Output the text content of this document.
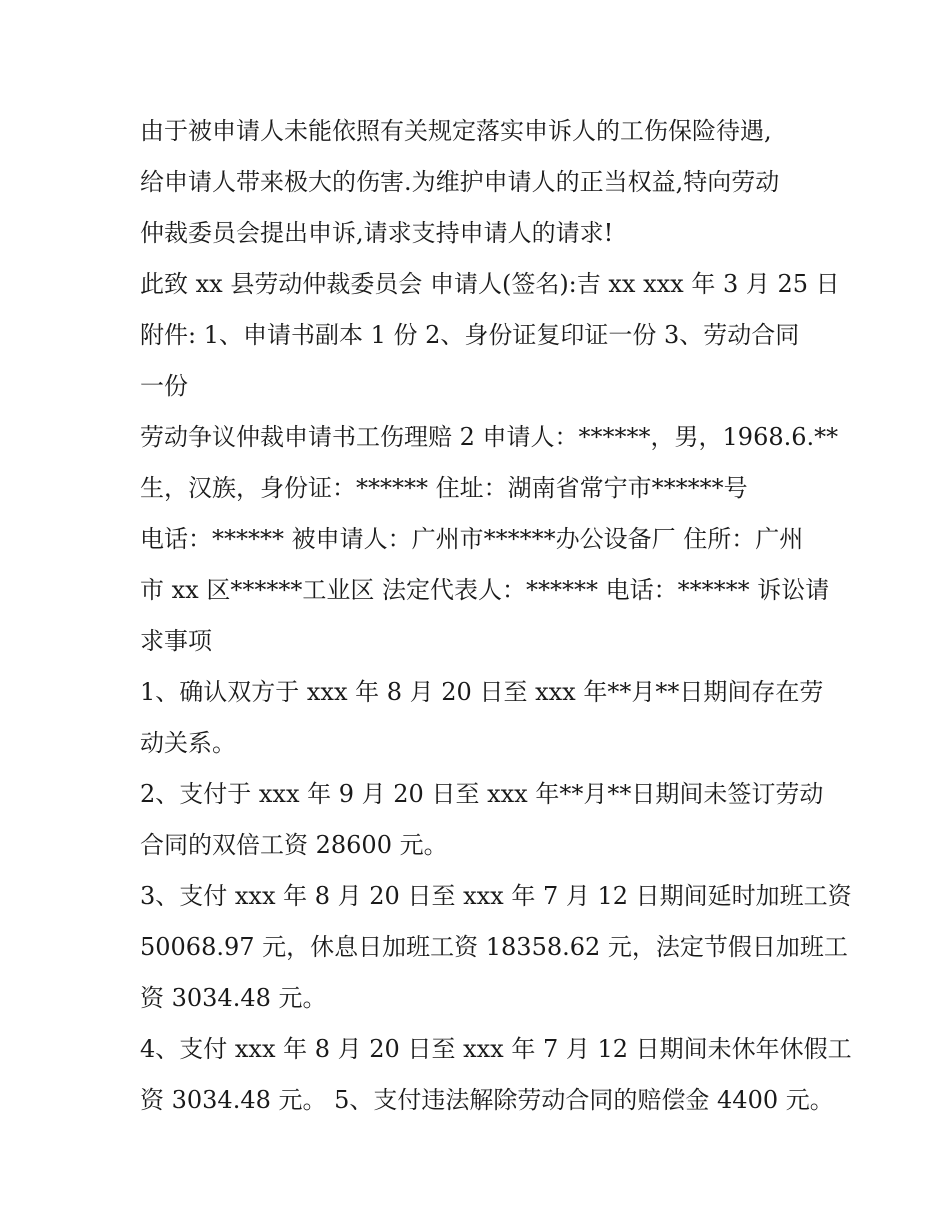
由于被申请人未能依照有关规定落实申诉人的工伤保险待遇,
给申请人带来极大的伤害.为维护申请人的正当权益,特向劳动
仲裁委员会提出申诉,请求支持申请人的请求!
此致 xx 县劳动仲裁委员会 申请人(签名):吉 xx xxx 年 3 月 25 日
附件: 1、申请书副本 1 份 2、身份证复印证一份 3、劳动合同
一份
劳动争议仲裁申请书工伤理赔 2 申请人：******，男，1968.6.**
生，汉族，身份证：****** 住址：湖南省常宁市******号
电话：****** 被申请人：广州市******办公设备厂 住所：广州
市 xx 区******工业区 法定代表人：****** 电话：****** 诉讼请
求事项
1、确认双方于 xxx 年 8 月 20 日至 xxx 年**月**日期间存在劳
动关系。
2、支付于 xxx 年 9 月 20 日至 xxx 年**月**日期间未签订劳动
合同的双倍工资 28600 元。
3、支付 xxx 年 8 月 20 日至 xxx 年 7 月 12 日期间延时加班工资
50068.97 元，休息日加班工资 18358.62 元，法定节假日加班工
资 3034.48 元。
4、支付 xxx 年 8 月 20 日至 xxx 年 7 月 12 日期间未休年休假工
资 3034.48 元。 5、支付违法解除劳动合同的赔偿金 4400 元。
